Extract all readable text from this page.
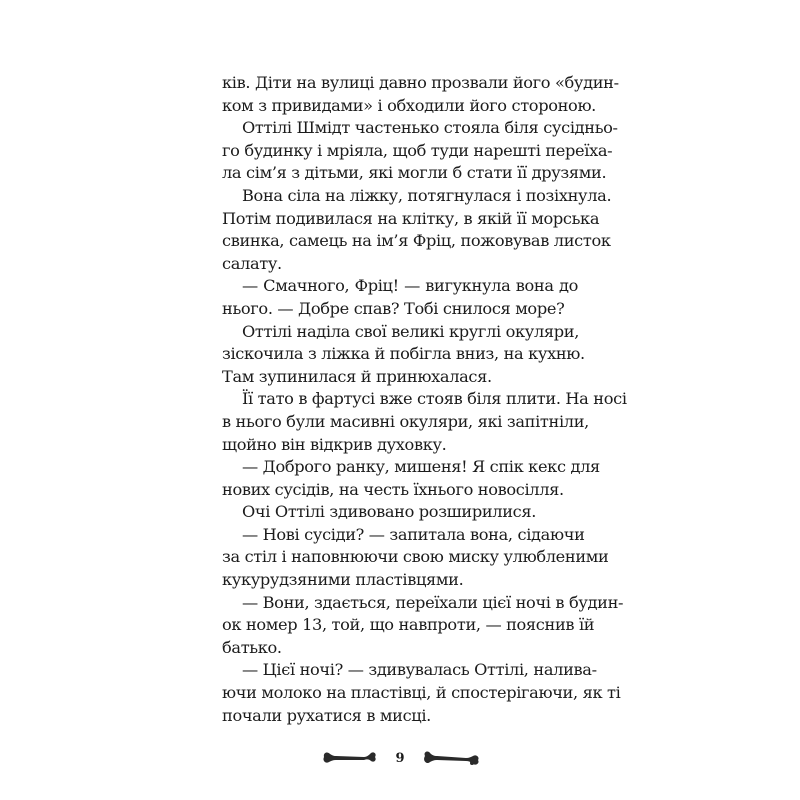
ків. Діти на вулиці давно прозвали його «будин-
ком з привидами» і обходили його стороною.
Оттілі Шмідт частенько стояла біля сусідньо-
го будинку і мріяла, щоб туди нарешті переїха-
ла сім’я з дітьми, які могли б стати її друзями.
Вона сіла на ліжку, потягнулася і позіхнула.
Потім подивилася на клітку, в якій її морська
свинка, самець на ім’я Фріц, пожовував листок
салату.
— Смачного, Фріц! — вигукнула вона до
нього. — Добре спав? Тобі снилося море?
Оттілі наділа свої великі круглі окуляри,
зіскочила з ліжка й побігла вниз, на кухню.
Там зупинилася й принюхалася.
Її тато в фартусі вже стояв біля плити. На носі
в нього були масивні окуляри, які запітніли,
щойно він відкрив духовку.
— Доброго ранку, мишеня! Я спік кекс для
нових сусідів, на честь їхнього новосілля.
Очі Оттілі здивовано розширилися.
— Нові сусіди? — запитала вона, сідаючи
за стіл і наповнюючи свою миску улюбленими
кукурудзяними пластівцями.
— Вони, здається, переїхали цієї ночі в будин-
ок номер 13, той, що навпроти, — пояснив їй
батько.
— Цієї ночі? — здивувалась Оттілі, налива-
ючи молоко на пластівці, й спостерігаючи, як ті
почали рухатися в мисці.
9
